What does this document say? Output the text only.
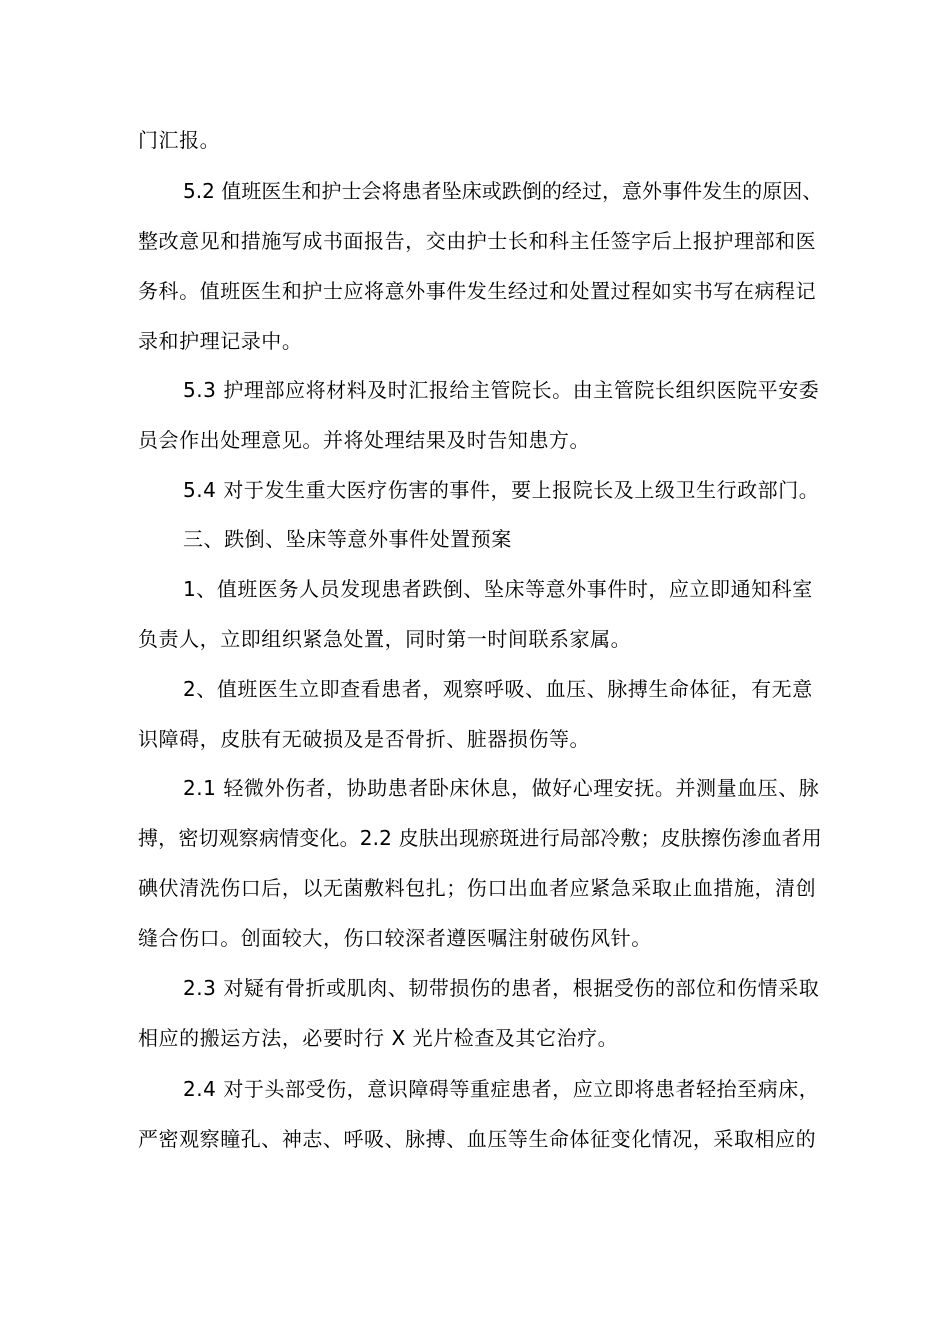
门汇报。
5.2 值班医生和护士会将患者坠床或跌倒的经过，意外事件发生的原因、
整改意见和措施写成书面报告，交由护士长和科主任签字后上报护理部和医
务科。值班医生和护士应将意外事件发生经过和处置过程如实书写在病程记
录和护理记录中。
5.3 护理部应将材料及时汇报给主管院长。由主管院长组织医院平安委
员会作出处理意见。并将处理结果及时告知患方。
5.4 对于发生重大医疗伤害的事件，要上报院长及上级卫生行政部门。
三、跌倒、坠床等意外事件处置预案
1、值班医务人员发现患者跌倒、坠床等意外事件时，应立即通知科室
负责人，立即组织紧急处置，同时第一时间联系家属。
2、值班医生立即查看患者，观察呼吸、血压、脉搏生命体征，有无意
识障碍，皮肤有无破损及是否骨折、脏器损伤等。
2.1 轻微外伤者，协助患者卧床休息，做好心理安抚。并测量血压、脉
搏，密切观察病情变化。2.2 皮肤出现瘀斑进行局部冷敷；皮肤擦伤渗血者用
碘伏清洗伤口后，以无菌敷料包扎；伤口出血者应紧急采取止血措施，清创
缝合伤口。创面较大，伤口较深者遵医嘱注射破伤风针。
2.3 对疑有骨折或肌肉、韧带损伤的患者，根据受伤的部位和伤情采取
相应的搬运方法，必要时行 X 光片检查及其它治疗。
2.4 对于头部受伤，意识障碍等重症患者，应立即将患者轻抬至病床，
严密观察瞳孔、神志、呼吸、脉搏、血压等生命体征变化情况，采取相应的
